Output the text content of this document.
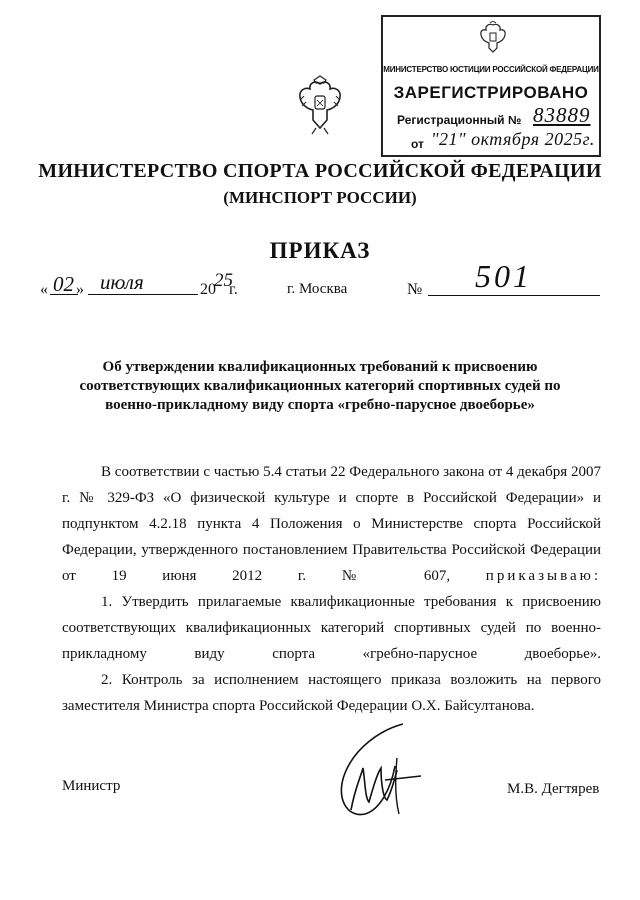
МИНИСТЕРСТВО ЮСТИЦИИ РОССИЙСКОЙ ФЕДЕРАЦИИ
ЗАРЕГИСТРИРОВАНО
Регистрационный № 83889
от "21" октября 2025г.
МИНИСТЕРСТВО СПОРТА РОССИЙСКОЙ ФЕДЕРАЦИИ
(МИНСПОРТ РОССИИ)
ПРИКАЗ
« 02 » июля	20
25
г.	г. Москва	№ 501
Об утверждении квалификационных требований к присвоению соответствующих квалификационных категорий спортивных судей по военно-прикладному виду спорта «гребно-парусное двоеборье»

В соответствии с частью 5.4 статьи 22 Федерального закона от 4 декабря 2007 г. № 329-ФЗ «О физической культуре и спорте в Российской Федерации» и подпунктом 4.2.18 пункта 4 Положения о Министерстве спорта Российской Федерации, утвержденного постановлением Правительства Российской Федерации от 19 июня 2012 г. № 607, приказываю:

1. Утвердить прилагаемые квалификационные требования к присвоению соответствующих квалификационных категорий спортивных судей по военно-прикладному виду спорта «гребно-парусное двоеборье».

2. Контроль за исполнением настоящего приказа возложить на первого заместителя Министра спорта Российской Федерации О.Х. Байсултанова.

Министр	М.В. Дегтярев
